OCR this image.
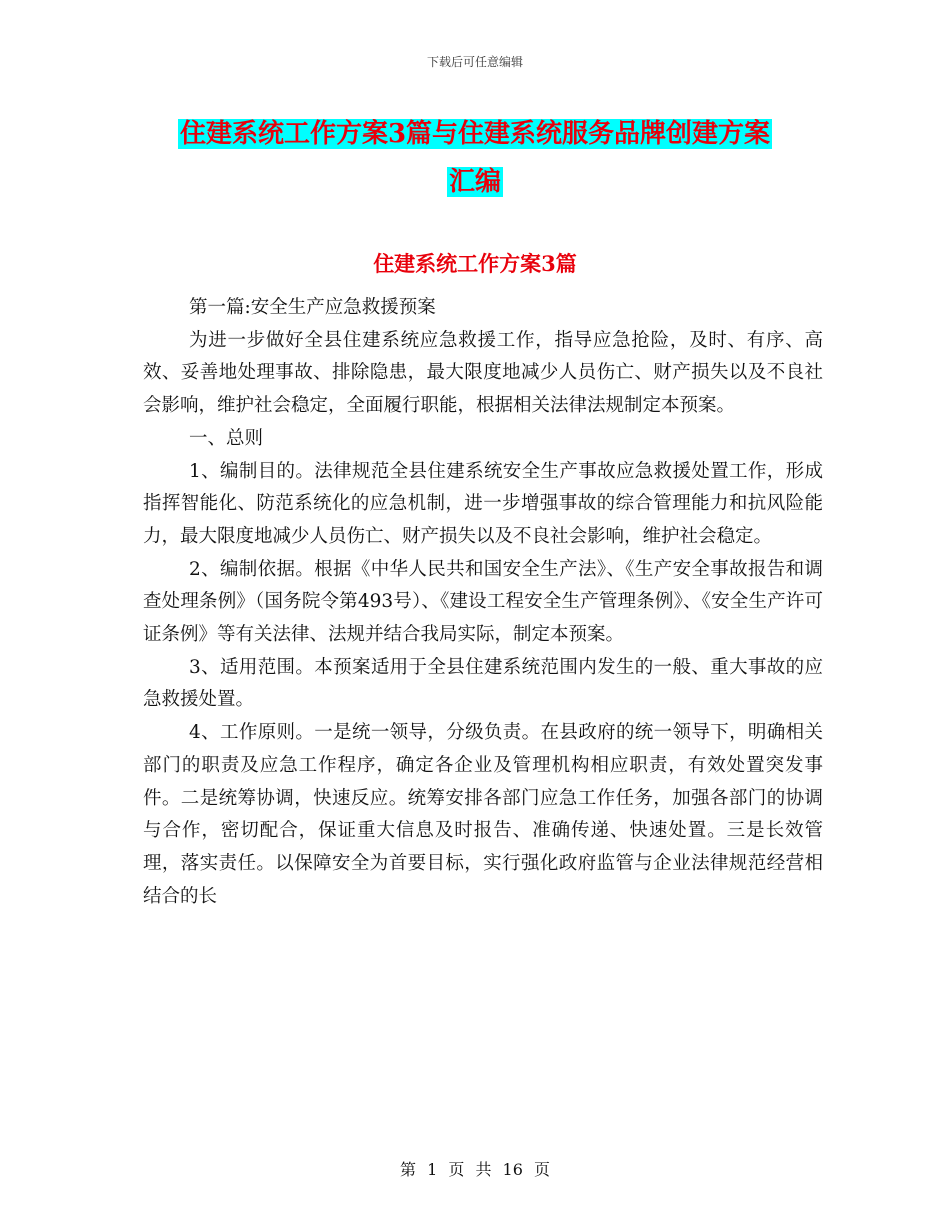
下载后可任意编辑
住建系统工作方案3篇与住建系统服务品牌创建方案
汇编
住建系统工作方案3篇

第一篇:安全生产应急救援预案

为进一步做好全县住建系统应急救援工作，指导应急抢险，及时、有序、高效、妥善地处理事故、排除隐患，最大限度地减少人员伤亡、财产损失以及不良社会影响，维护社会稳定，全面履行职能，根据相关法律法规制定本预案。

一、总则

1、编制目的。法律规范全县住建系统安全生产事故应急救援处置工作，形成指挥智能化、防范系统化的应急机制，进一步增强事故的综合管理能力和抗风险能力，最大限度地减少人员伤亡、财产损失以及不良社会影响，维护社会稳定。

2、编制依据。根据《中华人民共和国安全生产法》、《生产安全事故报告和调查处理条例》（国务院令第493号）、《建设工程安全生产管理条例》、《安全生产许可证条例》等有关法律、法规并结合我局实际，制定本预案。

3、适用范围。本预案适用于全县住建系统范围内发生的一般、重大事故的应急救援处置。

4、工作原则。一是统一领导，分级负责。在县政府的统一领导下，明确相关部门的职责及应急工作程序，确定各企业及管理机构相应职责，有效处置突发事件。二是统筹协调，快速反应。统筹安排各部门应急工作任务，加强各部门的协调与合作，密切配合，保证重大信息及时报告、准确传递、快速处置。三是长效管理，落实责任。以保障安全为首要目标，实行强化政府监管与企业法律规范经营相结合的长

第 1 页 共 16 页
